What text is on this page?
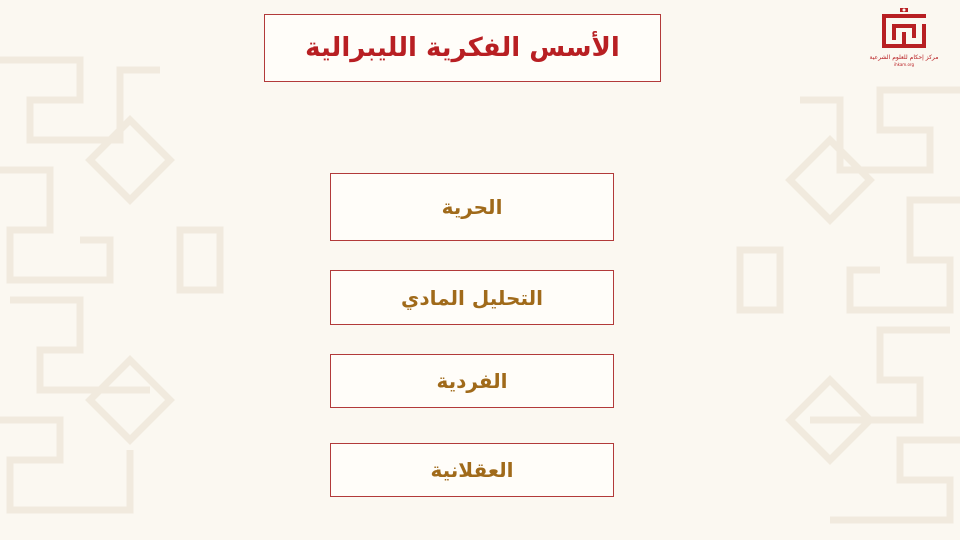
الأسس الفكرية الليبرالية
الحرية
التحليل المادي
الفردية
العقلانية
مركز إحكام للعلوم الشرعية
ihkam.org
